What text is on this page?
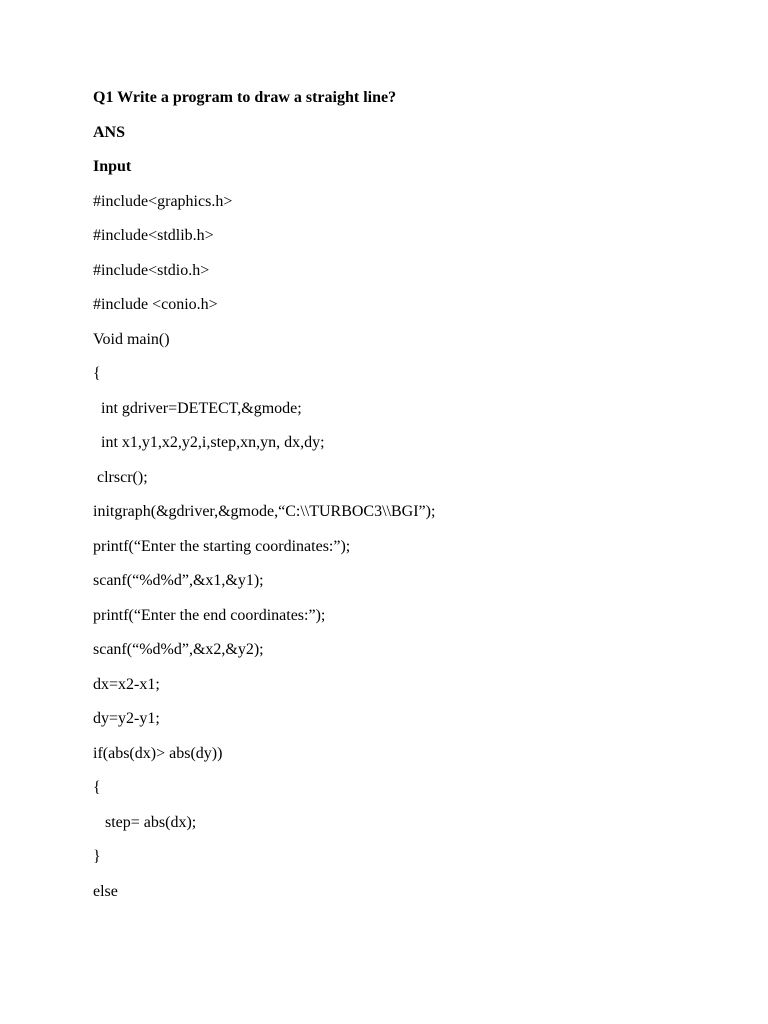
Q1 Write a program to draw a straight line?
ANS
Input
#include<graphics.h>
#include<stdlib.h>
#include<stdio.h>
#include <conio.h>
Void main()
{
int gdriver=DETECT,&gmode;
int x1,y1,x2,y2,i,step,xn,yn, dx,dy;
clrscr();
initgraph(&gdriver,&gmode,“C:\\TURBOC3\\BGI”);
printf(“Enter the starting coordinates:”);
scanf(“%d%d”,&x1,&y1);
printf(“Enter the end coordinates:”);
scanf(“%d%d”,&x2,&y2);
dx=x2-x1;
dy=y2-y1;
if(abs(dx)> abs(dy))
{
step= abs(dx);
}
else
